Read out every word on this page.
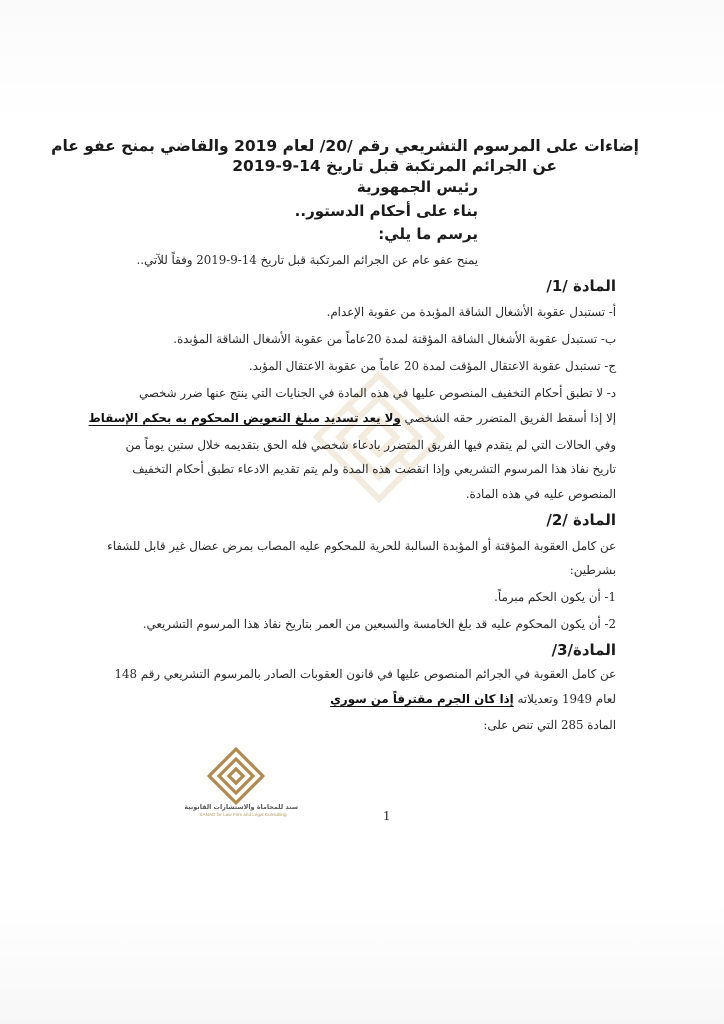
إضاءات على المرسوم التشريعي رقم /20/ لعام 2019 والقاضي بمنح عفو عام
عن الجرائم المرتكبة قبل تاريخ 14-9-2019
رئيس الجمهورية
بناء على أحكام الدستور..
يرسم ما يلي:
يمنح عفو عام عن الجرائم المرتكبة قبل تاريخ 14-9-2019 وفقاً للآتي..
المادة /1/
أ- تستبدل عقوبة الأشغال الشاقة المؤبدة من عقوبة الإعدام.
ب- تستبدل عقوبة الأشغال الشاقة المؤقتة لمدة 20عاماً من عقوبة الأشغال الشاقة المؤبدة.
ج- تستبدل عقوبة الاعتقال المؤقت لمدة 20 عاماً من عقوبة الاعتقال المؤبد.
د- لا تطبق أحكام التخفيف المنصوص عليها في هذه المادة في الجنايات التي ينتج عنها ضرر شخصي
إلا إذا أسقط الفريق المتضرر حقه الشخصي ولا يعد تسديد مبلغ التعويض المحكوم به بحكم الإسقاط
وفي الحالات التي لم يتقدم فيها الفريق المتضرر بادعاء شخصي فله الحق بتقديمه خلال ستين يوماً من
تاريخ نفاذ هذا المرسوم التشريعي وإذا انقضت هذه المدة ولم يتم تقديم الادعاء تطبق أحكام التخفيف
المنصوص عليه في هذه المادة.
المادة /2/
عن كامل العقوبة المؤقتة أو المؤبدة السالبة للحرية للمحكوم عليه المصاب بمرض عضال غير قابل للشفاء
بشرطين:
1- أن يكون الحكم مبرماً.
2- أن يكون المحكوم عليه قد بلغ الخامسة والسبعين من العمر بتاريخ نفاذ هذا المرسوم التشريعي.
المادة/3/
عن كامل العقوبة في الجرائم المنصوص عليها في قانون العقوبات الصادر بالمرسوم التشريعي رقم 148
لعام 1949 وتعديلاته إذا كان الجرم مقترفاً من سوري
المادة 285 التي تنص على:
سند للمحاماة والاستشارات القانونية
SANAD for Law Firm and Legal Consulting	1
